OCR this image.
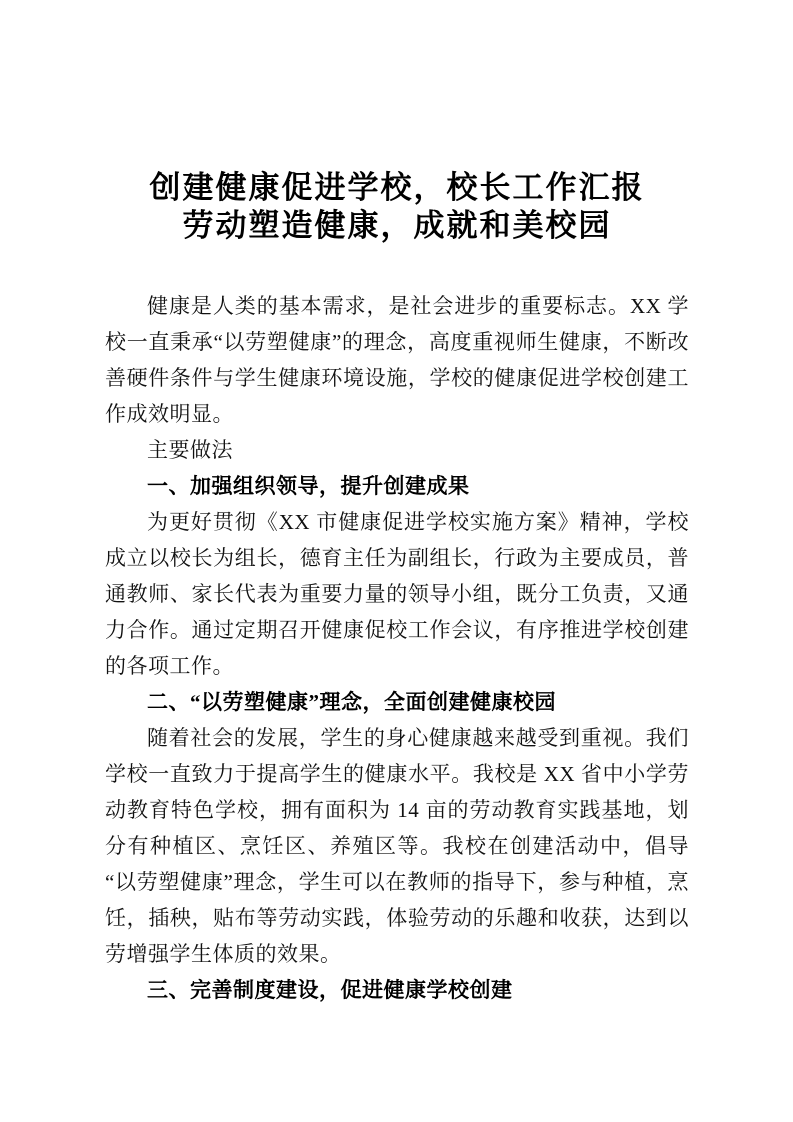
创建健康促进学校，校长工作汇报
劳动塑造健康，成就和美校园

健康是人类的基本需求，是社会进步的重要标志。XX 学校一直秉承“以劳塑健康”的理念，高度重视师生健康，不断改善硬件条件与学生健康环境设施，学校的健康促进学校创建工作成效明显。

主要做法

一、加强组织领导，提升创建成果

为更好贯彻《XX 市健康促进学校实施方案》精神，学校成立以校长为组长，德育主任为副组长，行政为主要成员，普通教师、家长代表为重要力量的领导小组，既分工负责，又通力合作。通过定期召开健康促校工作会议，有序推进学校创建的各项工作。

二、“以劳塑健康”理念，全面创建健康校园

随着社会的发展，学生的身心健康越来越受到重视。我们学校一直致力于提高学生的健康水平。我校是 XX 省中小学劳动教育特色学校，拥有面积为 14 亩的劳动教育实践基地，划分有种植区、烹饪区、养殖区等。我校在创建活动中，倡导“以劳塑健康”理念，学生可以在教师的指导下，参与种植，烹饪，插秧，贴布等劳动实践，体验劳动的乐趣和收获，达到以劳增强学生体质的效果。

三、完善制度建设，促进健康学校创建
